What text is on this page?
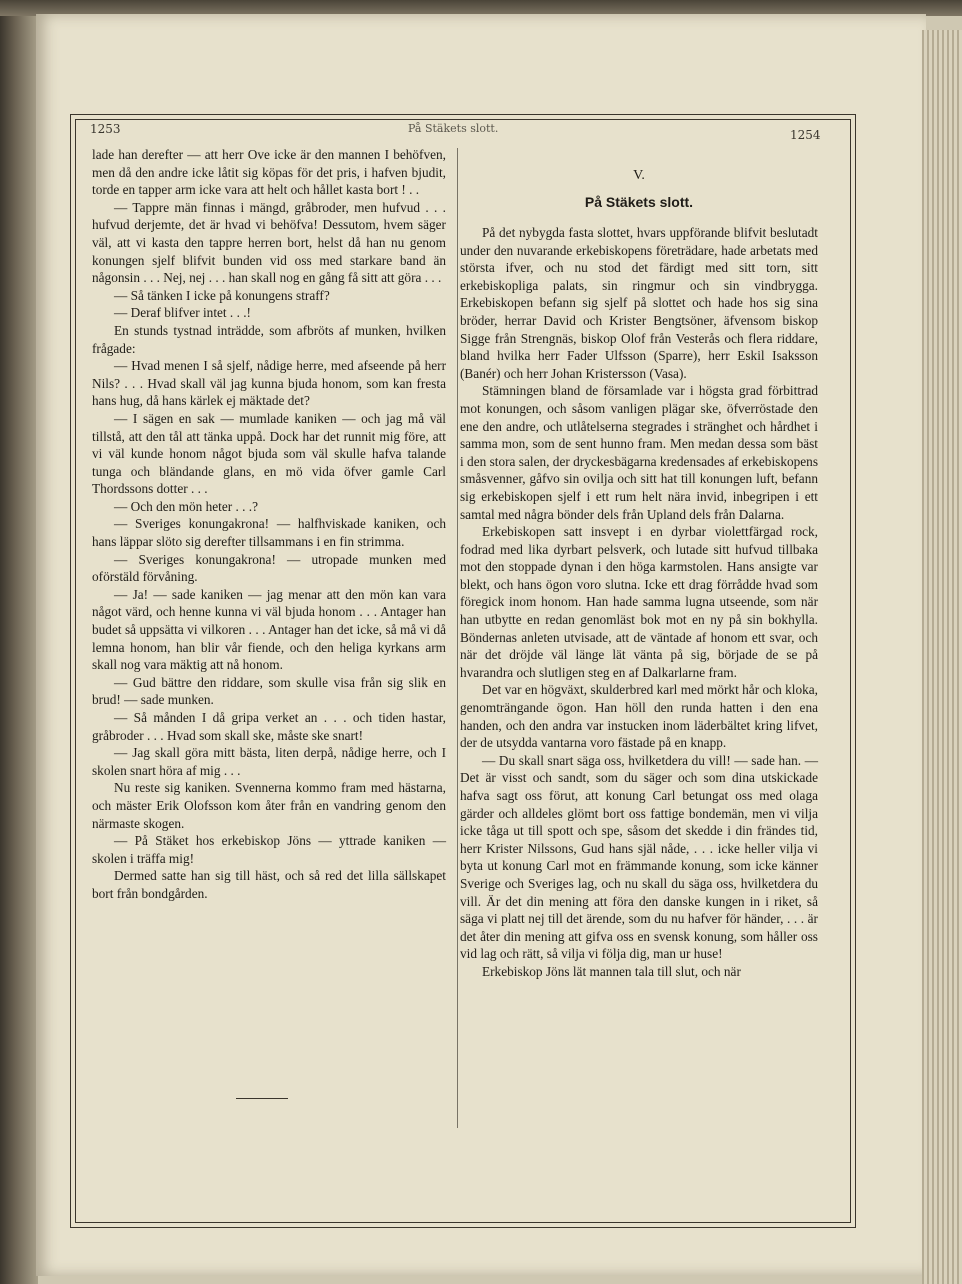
1253	På Stäkets slott.	1254

lade han derefter — att herr Ove icke är den mannen I behöfven, men då den andre icke låtit sig köpas för det pris, i hafven bjudit, torde en tapper arm icke vara att helt och hållet kasta bort ! . .

— Tappre män finnas i mängd, gråbroder, men hufvud . . . hufvud derjemte, det är hvad vi behöfva! Dessutom, hvem säger väl, att vi kasta den tappre herren bort, helst då han nu genom konungen sjelf blifvit bunden vid oss med starkare band än någonsin . . . Nej, nej . . . han skall nog en gång få sitt att göra . . .

— Så tänken I icke på konungens straff?

— Deraf blifver intet . . .!

En stunds tystnad inträdde, som afbröts af munken, hvilken frågade:

— Hvad menen I så sjelf, nådige herre, med afseende på herr Nils? . . . Hvad skall väl jag kunna bjuda honom, som kan fresta hans hug, då hans kärlek ej mäktade det?

— I sägen en sak — mumlade kaniken — och jag må väl tillstå, att den tål att tänka uppå. Dock har det runnit mig före, att vi väl kunde honom något bjuda som väl skulle hafva talande tunga och bländande glans, en mö vida öfver gamle Carl Thordssons dotter . . .

— Och den mön heter . . .?

— Sveriges konungakrona! — halfhviskade kaniken, och hans läppar slöto sig derefter tillsammans i en fin strimma.

— Sveriges konungakrona! — utropade munken med oförstäld förvåning.

— Ja! — sade kaniken — jag menar att den mön kan vara något värd, och henne kunna vi väl bjuda honom . . . Antager han budet så uppsätta vi vilkoren . . . Antager han det icke, så må vi då lemna honom, han blir vår fiende, och den heliga kyrkans arm skall nog vara mäktig att nå honom.

— Gud bättre den riddare, som skulle visa från sig slik en brud! — sade munken.

— Så månden I då gripa verket an . . . och tiden hastar, gråbroder . . . Hvad som skall ske, måste ske snart!

— Jag skall göra mitt bästa, liten derpå, nådige herre, och I skolen snart höra af mig . . .

Nu reste sig kaniken. Svennerna kommo fram med hästarna, och mäster Erik Olofsson kom åter från en vandring genom den närmaste skogen.

— På Stäket hos erkebiskop Jöns — yttrade kaniken — skolen i träffa mig!

Dermed satte han sig till häst, och så red det lilla sällskapet bort från bondgården.

V.
På Stäkets slott.

På det nybygda fasta slottet, hvars uppförande blifvit beslutadt under den nuvarande erkebiskopens företrädare, hade arbetats med största ifver, och nu stod det färdigt med sitt torn, sitt erkebiskopliga palats, sin ringmur och sin vindbrygga. Erkebiskopen befann sig sjelf på slottet och hade hos sig sina bröder, herrar David och Krister Bengtsöner, äfvensom biskop Sigge från Strengnäs, biskop Olof från Vesterås och flera riddare, bland hvilka herr Fader Ulfsson (Sparre), herr Eskil Isaksson (Banér) och herr Johan Kristersson (Vasa).

Stämningen bland de församlade var i högsta grad förbittrad mot konungen, och såsom vanligen plägar ske, öfverröstade den ene den andre, och utlåtelserna stegrades i stränghet och hårdhet i samma mon, som de sent hunno fram. Men medan dessa som bäst i den stora salen, der dryckesbägarna kredensades af erkebiskopens småsvenner, gåfvo sin ovilja och sitt hat till konungen luft, befann sig erkebiskopen sjelf i ett rum helt nära invid, inbegripen i ett samtal med några bönder dels från Upland dels från Dalarna.

Erkebiskopen satt insvept i en dyrbar violettfärgad rock, fodrad med lika dyrbart pelsverk, och lutade sitt hufvud tillbaka mot den stoppade dynan i den höga karmstolen. Hans ansigte var blekt, och hans ögon voro slutna. Icke ett drag förrådde hvad som föregick inom honom. Han hade samma lugna utseende, som när han utbytte en redan genomläst bok mot en ny på sin bokhylla. Böndernas anleten utvisade, att de väntade af honom ett svar, och när det dröjde väl länge lät vänta på sig, började de se på hvarandra och slutligen steg en af Dalkarlarne fram.

Det var en högväxt, skulderbred karl med mörkt hår och kloka, genomträngande ögon. Han höll den runda hatten i den ena handen, och den andra var instucken inom läderbältet kring lifvet, der de utsydda vantarna voro fästade på en knapp.

— Du skall snart säga oss, hvilketdera du vill! — sade han. — Det är visst och sandt, som du säger och som dina utskickade hafva sagt oss förut, att konung Carl betungat oss med olaga gärder och alldeles glömt bort oss fattige bondemän, men vi vilja icke tåga ut till spott och spe, såsom det skedde i din frändes tid, herr Krister Nilssons, Gud hans själ nåde, . . . icke heller vilja vi byta ut konung Carl mot en främmande konung, som icke känner Sverige och Sveriges lag, och nu skall du säga oss, hvilketdera du vill. Är det din mening att föra den danske kungen in i riket, så säga vi platt nej till det ärende, som du nu hafver för händer, . . . är det åter din mening att gifva oss en svensk konung, som håller oss vid lag och rätt, så vilja vi följa dig, man ur huse!

Erkebiskop Jöns lät mannen tala till slut, och när
